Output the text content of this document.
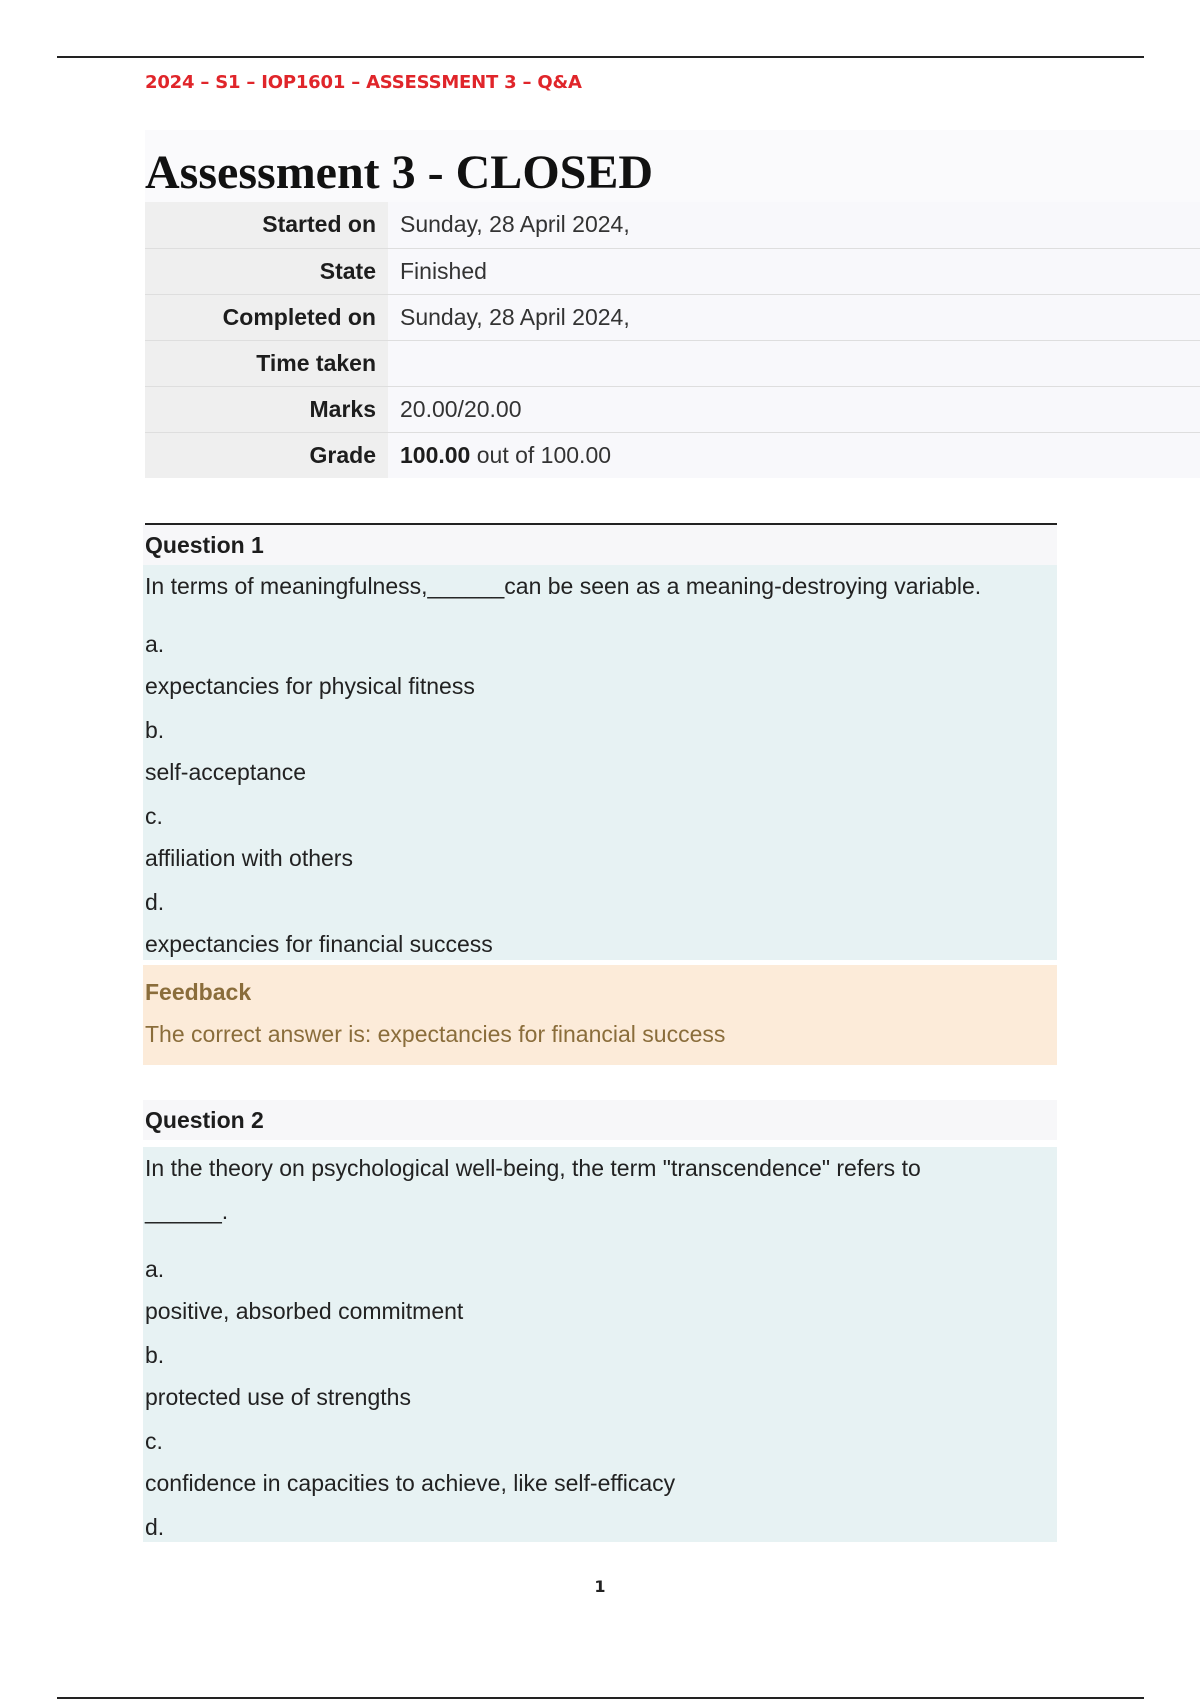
2024 – S1 – IOP1601 – ASSESSMENT 3 – Q&A
Assessment 3 - CLOSED
Started on	Sunday, 28 April 2024,
State	Finished
Completed on	Sunday, 28 April 2024,
Time taken	
Marks	20.00/20.00
Grade	100.00 out of 100.00
Question 1
In terms of meaningfulness,______can be seen as a meaning-destroying variable.
a.
expectancies for physical fitness
b.
self-acceptance
c.
affiliation with others
d.
expectancies for financial success
Feedback
The correct answer is: expectancies for financial success
Question 2
In the theory on psychological well-being, the term "transcendence" refers to
______.
a.
positive, absorbed commitment
b.
protected use of strengths
c.
confidence in capacities to achieve, like self-efficacy
d.
1
